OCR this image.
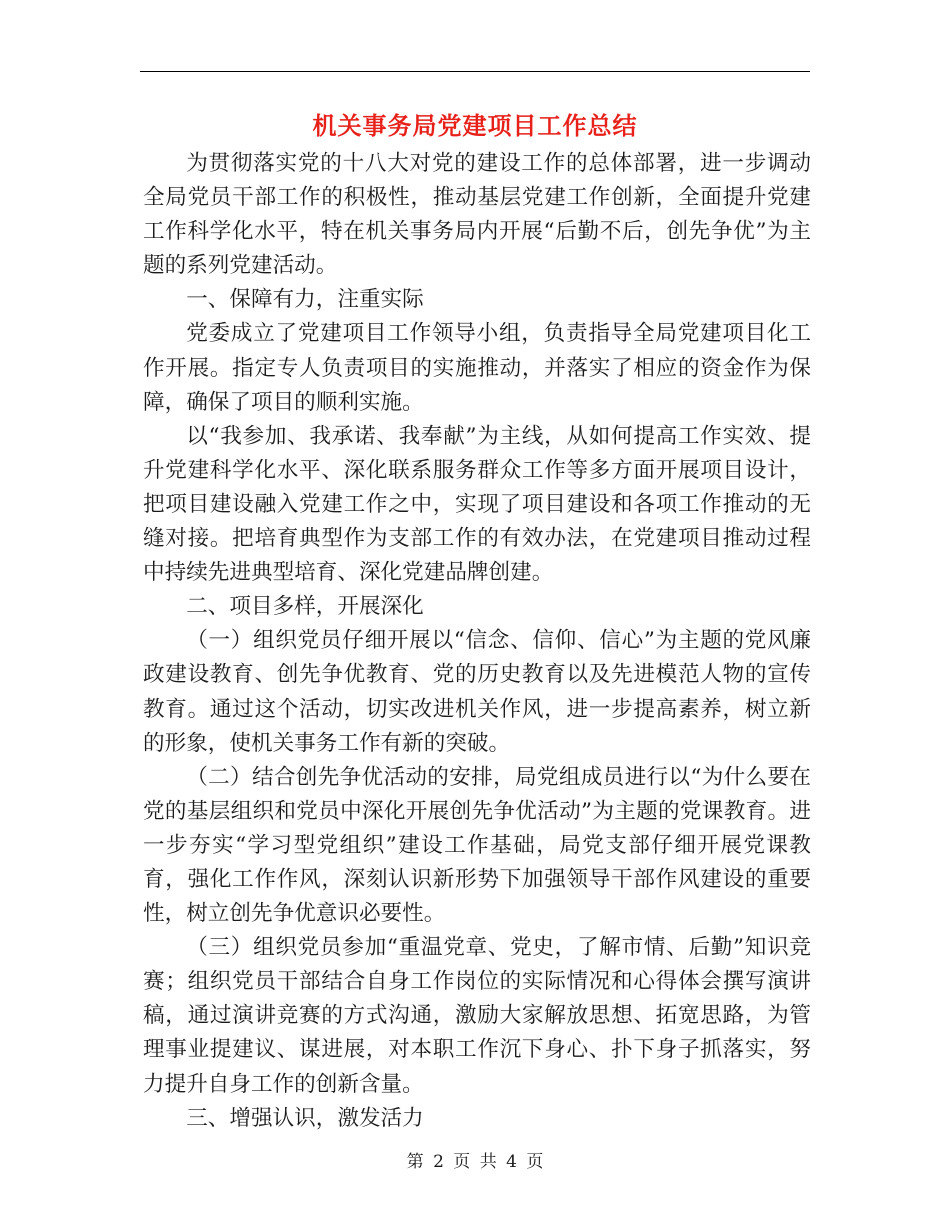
机关事务局党建项目工作总结

为贯彻落实党的十八大对党的建设工作的总体部署，进一步调动全局党员干部工作的积极性，推动基层党建工作创新，全面提升党建工作科学化水平，特在机关事务局内开展“后勤不后，创先争优”为主题的系列党建活动。

一、保障有力，注重实际

党委成立了党建项目工作领导小组，负责指导全局党建项目化工作开展。指定专人负责项目的实施推动，并落实了相应的资金作为保障，确保了项目的顺利实施。

以“我参加、我承诺、我奉献”为主线，从如何提高工作实效、提升党建科学化水平、深化联系服务群众工作等多方面开展项目设计，把项目建设融入党建工作之中，实现了项目建设和各项工作推动的无缝对接。把培育典型作为支部工作的有效办法，在党建项目推动过程中持续先进典型培育、深化党建品牌创建。

二、项目多样，开展深化

（一）组织党员仔细开展以“信念、信仰、信心”为主题的党风廉政建设教育、创先争优教育、党的历史教育以及先进模范人物的宣传教育。通过这个活动，切实改进机关作风，进一步提高素养，树立新的形象，使机关事务工作有新的突破。

（二）结合创先争优活动的安排，局党组成员进行以“为什么要在党的基层组织和党员中深化开展创先争优活动”为主题的党课教育。进一步夯实“学习型党组织”建设工作基础，局党支部仔细开展党课教育，强化工作作风，深刻认识新形势下加强领导干部作风建设的重要性，树立创先争优意识必要性。

（三）组织党员参加“重温党章、党史，了解市情、后勤”知识竞赛；组织党员干部结合自身工作岗位的实际情况和心得体会撰写演讲稿，通过演讲竞赛的方式沟通，激励大家解放思想、拓宽思路，为管理事业提建议、谋进展，对本职工作沉下身心、扑下身子抓落实，努力提升自身工作的创新含量。

三、增强认识，激发活力

第 2 页 共 4 页
